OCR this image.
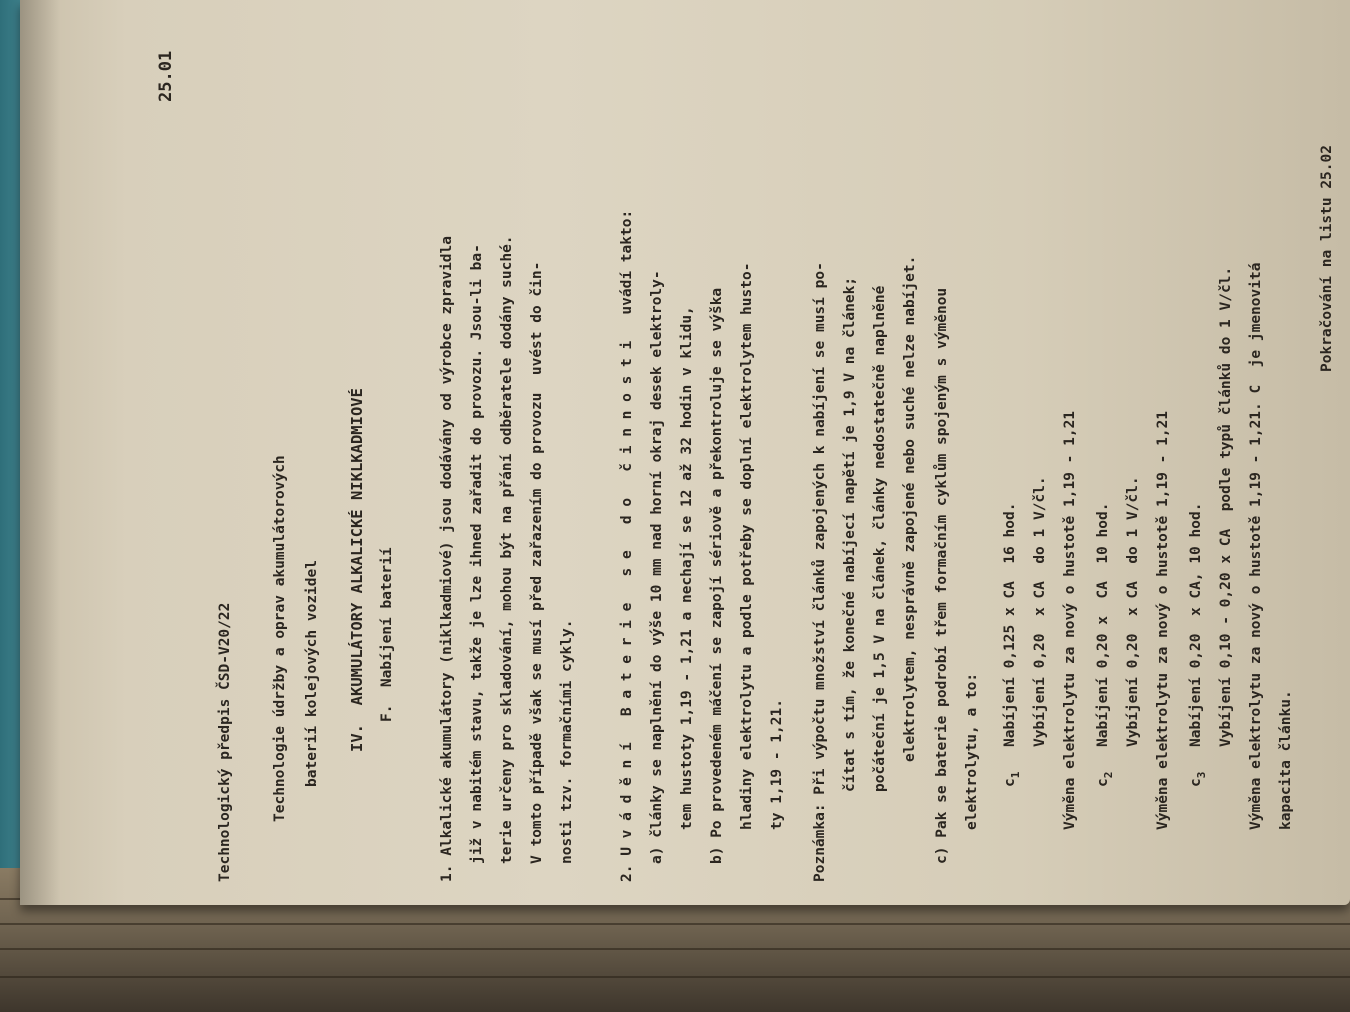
Technologický předpis ČSD-V20/22
25.01
Technologie údržby a oprav akumulátorových baterií kolejových vozidel IV.  AKUMULÁTORY ALKALICKÉ NIKLKADMIOVÉ F.  Nabíjení baterií	1. Alkalické akumulátory (niklkadmiové) jsou dodávány od výrobce zpravidla již v nabitém stavu, takže je lze ihned zařadit do provozu. Jsou-li ba- terie určeny pro skladování, mohou být na přání odběratele dodány suché. V tomto případě však se musí před zařazením do provozu  uvést do čin- nosti tzv. formačními cykly.	2. U v á d ě n í   B a t e r i e   s e   d o   č i n n o s t i   uvádí takto: a) články se naplnění do výše 10 mm nad horní okraj desek elektroly- tem hustoty 1,19 - 1,21 a nechají se 12 až 32 hodin v klidu, b) Po provedeném máčení se zapojí sériově a překontroluje se výška hladiny elektrolytu a podle potřeby se doplní elektrolytem husto- ty 1,19 - 1,21. Poznámka: Při výpočtu množství článků zapojených k nabíjení se musí po- čítat s tím, že konečné nabíjecí napětí je 1,9 V na článek; počáteční je 1,5 V na článek, články nedostatečně naplněné elektrolytem, nesprávně zapojené nebo suché nelze nabíjet. c) Pak se baterie podrobí třem formačním cyklům spojeným s výměnou elektrolytu, a to: $c_1$
Nabíjení 0,125 x CA  16 hod. Vybíjení 0,20  x CA  do 1 V/čl. Výměna elektrolytu za nový o hustotě 1,19 - 1,21 $c_2$
Nabíjení 0,20 x  CA  10 hod. Vybíjení 0,20  x CA  do 1 V/čl. Výměna elektrolytu za nový o hustotě 1,19 - 1,21 $c_3$
Nabíjení 0,20  x CA, 10 hod. Vybíjení 0,10 - 0,20 x CA  podle typů článků do 1 V/čl. Výměna elektrolytu za nový o hustotě 1,19 - 1,21. C  je jmenovitá kapacita článku.
Pokračování na listu 25.02
